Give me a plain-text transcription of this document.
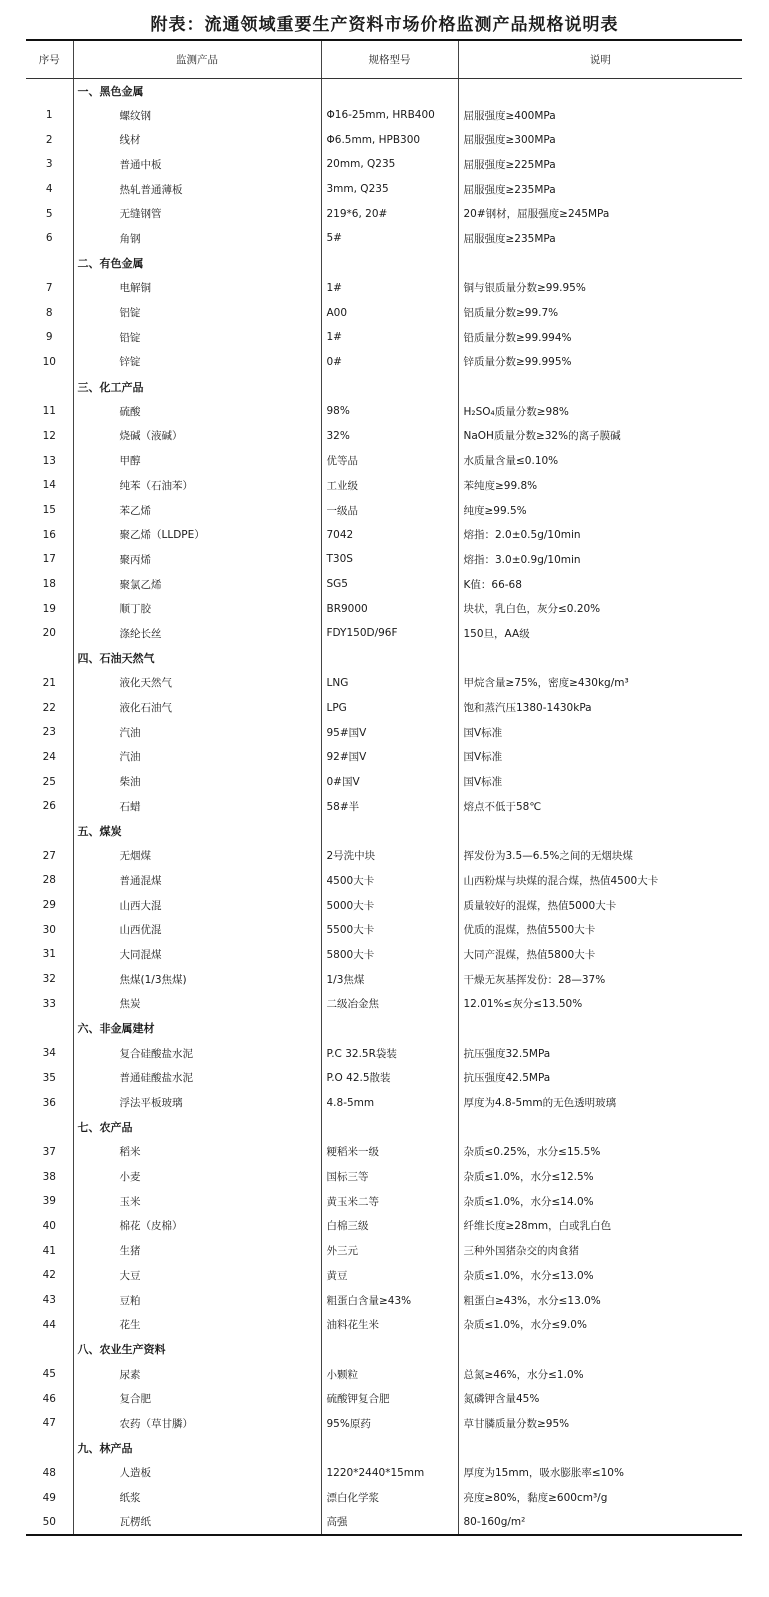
附表：流通领域重要生产资料市场价格监测产品规格说明表
序号	监测产品	规格型号	说明
	一、黑色金属		
1	螺纹钢	Φ16-25mm, HRB400	屈服强度≥400MPa
2	线材	Φ6.5mm, HPB300	屈服强度≥300MPa
3	普通中板	20mm, Q235	屈服强度≥225MPa
4	热轧普通薄板	3mm, Q235	屈服强度≥235MPa
5	无缝钢管	219*6, 20#	20#钢材，屈服强度≥245MPa
6	角钢	5#	屈服强度≥235MPa
	二、有色金属		
7	电解铜	1#	铜与银质量分数≥99.95%
8	铝锭	A00	铝质量分数≥99.7%
9	铅锭	1#	铅质量分数≥99.994%
10	锌锭	0#	锌质量分数≥99.995%
	三、化工产品		
11	硫酸	98%	H₂SO₄质量分数≥98%
12	烧碱（液碱）	32%	NaOH质量分数≥32%的离子膜碱
13	甲醇	优等品	水质量含量≤0.10%
14	纯苯（石油苯）	工业级	苯纯度≥99.8%
15	苯乙烯	一级品	纯度≥99.5%
16	聚乙烯（LLDPE）	7042	熔指：2.0±0.5g/10min
17	聚丙烯	T30S	熔指：3.0±0.9g/10min
18	聚氯乙烯	SG5	K值：66-68
19	顺丁胶	BR9000	块状，乳白色，灰分≤0.20%
20	涤纶长丝	FDY150D/96F	150旦，AA级
	四、石油天然气		
21	液化天然气	LNG	甲烷含量≥75%，密度≥430kg/m³
22	液化石油气	LPG	饱和蒸汽压1380-1430kPa
23	汽油	95#国Ⅴ	国Ⅴ标准
24	汽油	92#国Ⅴ	国Ⅴ标准
25	柴油	0#国Ⅴ	国Ⅴ标准
26	石蜡	58#半	熔点不低于58℃
	五、煤炭		
27	无烟煤	2号洗中块	挥发份为3.5—6.5%之间的无烟块煤
28	普通混煤	4500大卡	山西粉煤与块煤的混合煤，热值4500大卡
29	山西大混	5000大卡	质量较好的混煤，热值5000大卡
30	山西优混	5500大卡	优质的混煤，热值5500大卡
31	大同混煤	5800大卡	大同产混煤，热值5800大卡
32	焦煤(1/3焦煤)	1/3焦煤	干燥无灰基挥发份：28—37%
33	焦炭	二级冶金焦	12.01%≤灰分≤13.50%
	六、非金属建材		
34	复合硅酸盐水泥	P.C 32.5R袋装	抗压强度32.5MPa
35	普通硅酸盐水泥	P.O 42.5散装	抗压强度42.5MPa
36	浮法平板玻璃	4.8-5mm	厚度为4.8-5mm的无色透明玻璃
	七、农产品		
37	稻米	粳稻米一级	杂质≤0.25%，水分≤15.5%
38	小麦	国标三等	杂质≤1.0%，水分≤12.5%
39	玉米	黄玉米二等	杂质≤1.0%，水分≤14.0%
40	棉花（皮棉）	白棉三级	纤维长度≥28mm，白或乳白色
41	生猪	外三元	三种外国猪杂交的肉食猪
42	大豆	黄豆	杂质≤1.0%，水分≤13.0%
43	豆粕	粗蛋白含量≥43%	粗蛋白≥43%，水分≤13.0%
44	花生	油料花生米	杂质≤1.0%，水分≤9.0%
	八、农业生产资料		
45	尿素	小颗粒	总氮≥46%，水分≤1.0%
46	复合肥	硫酸钾复合肥	氮磷钾含量45%
47	农药（草甘膦）	95%原药	草甘膦质量分数≥95%
	九、林产品		
48	人造板	1220*2440*15mm	厚度为15mm，吸水膨胀率≤10%
49	纸浆	漂白化学浆	亮度≥80%，黏度≥600cm³/g
50	瓦楞纸	高强	80-160g/m²
